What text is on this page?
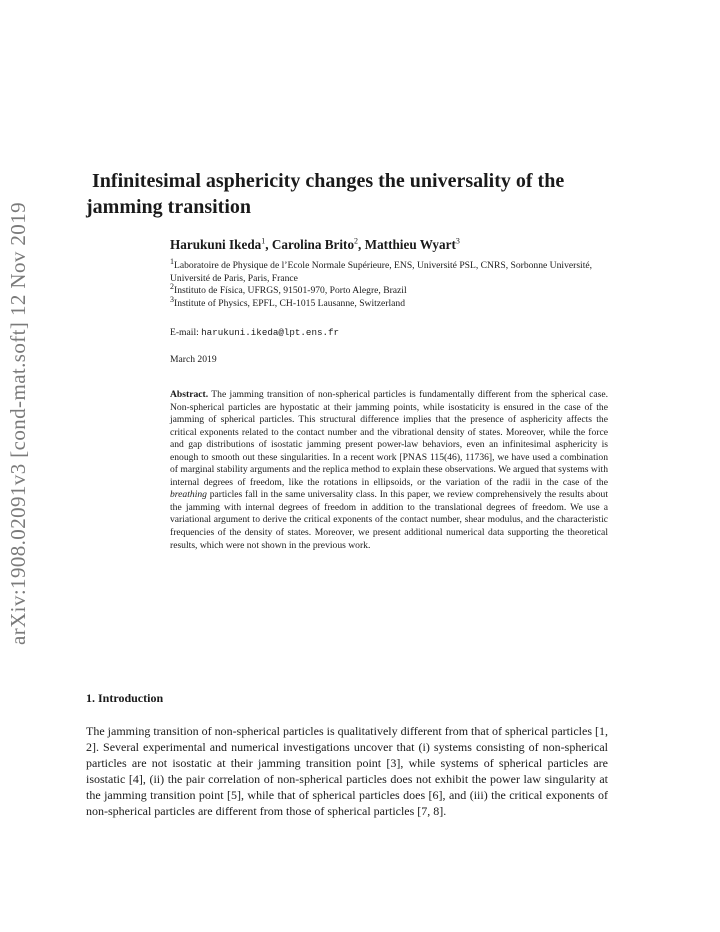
arXiv:1908.02091v3 [cond-mat.soft] 12 Nov 2019
Infinitesimal asphericity changes the universality of the jamming transition

Harukuni Ikeda$^1$, Carolina Brito$^2$, Matthieu Wyart$^3$

$^1$Laboratoire de Physique de l’Ecole Normale Supérieure, ENS, Université PSL, CNRS, Sorbonne Université, Université de Paris, Paris, France

$^2$Instituto de Física, UFRGS, 91501-970, Porto Alegre, Brazil

$^3$Institute of Physics, EPFL, CH-1015 Lausanne, Switzerland

E-mail: harukuni.ikeda@lpt.ens.fr
March 2019

Abstract. The jamming transition of non-spherical particles is fundamentally different from the spherical case. Non-spherical particles are hypostatic at their jamming points, while isostaticity is ensured in the case of the jamming of spherical particles. This structural difference implies that the presence of asphericity affects the critical exponents related to the contact number and the vibrational density of states. Moreover, while the force and gap distributions of isostatic jamming present power-law behaviors, even an infinitesimal asphericity is enough to smooth out these singularities. In a recent work [PNAS 115(46), 11736], we have used a combination of marginal stability arguments and the replica method to explain these observations. We argued that systems with internal degrees of freedom, like the rotations in ellipsoids, or the variation of the radii in the case of the breathing particles fall in the same universality class. In this paper, we review comprehensively the results about the jamming with internal degrees of freedom in addition to the translational degrees of freedom. We use a variational argument to derive the critical exponents of the contact number, shear modulus, and the characteristic frequencies of the density of states. Moreover, we present additional numerical data supporting the theoretical results, which were not shown in the previous work.

1. Introduction

The jamming transition of non-spherical particles is qualitatively different from that of spherical particles [1, 2]. Several experimental and numerical investigations uncover that (i) systems consisting of non-spherical particles are not isostatic at their jamming transition point [3], while systems of spherical particles are isostatic [4], (ii) the pair correlation of non-spherical particles does not exhibit the power law singularity at the jamming transition point [5], while that of spherical particles does [6], and (iii) the critical exponents of non-spherical particles are different from those of spherical particles [7, 8].
